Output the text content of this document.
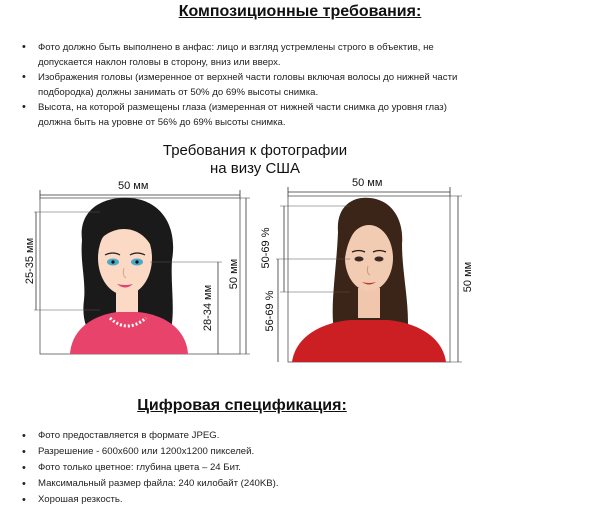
Композиционные требования:
• Фото должно быть выполнено в анфас: лицо и взгляд устремлены строго в объектив, не допускается наклон головы в сторону, вниз или вверх.
• Изображения головы (измеренное от верхней части головы включая волосы до нижней части подбородка) должны занимать от 50% до 69% высоты снимка.
• Высота, на которой размещены глаза (измеренная от нижней части снимка до уровня глаз) должна быть на уровне от 56% до 69% высоты снимка.
Требования к фотографии
на визу США
50 мм
25-35 мм
28-34 мм
50 мм
50 мм
50-69 %
56-69 %
50 мм
Цифровая спецификация:
• Фото предоставляется в формате JPEG.
• Разрешение - 600х600 или 1200х1200 пикселей.
• Фото только цветное: глубина цвета – 24 Бит.
• Максимальный размер файла: 240 килобайт (240KB).
• Хорошая резкость.
